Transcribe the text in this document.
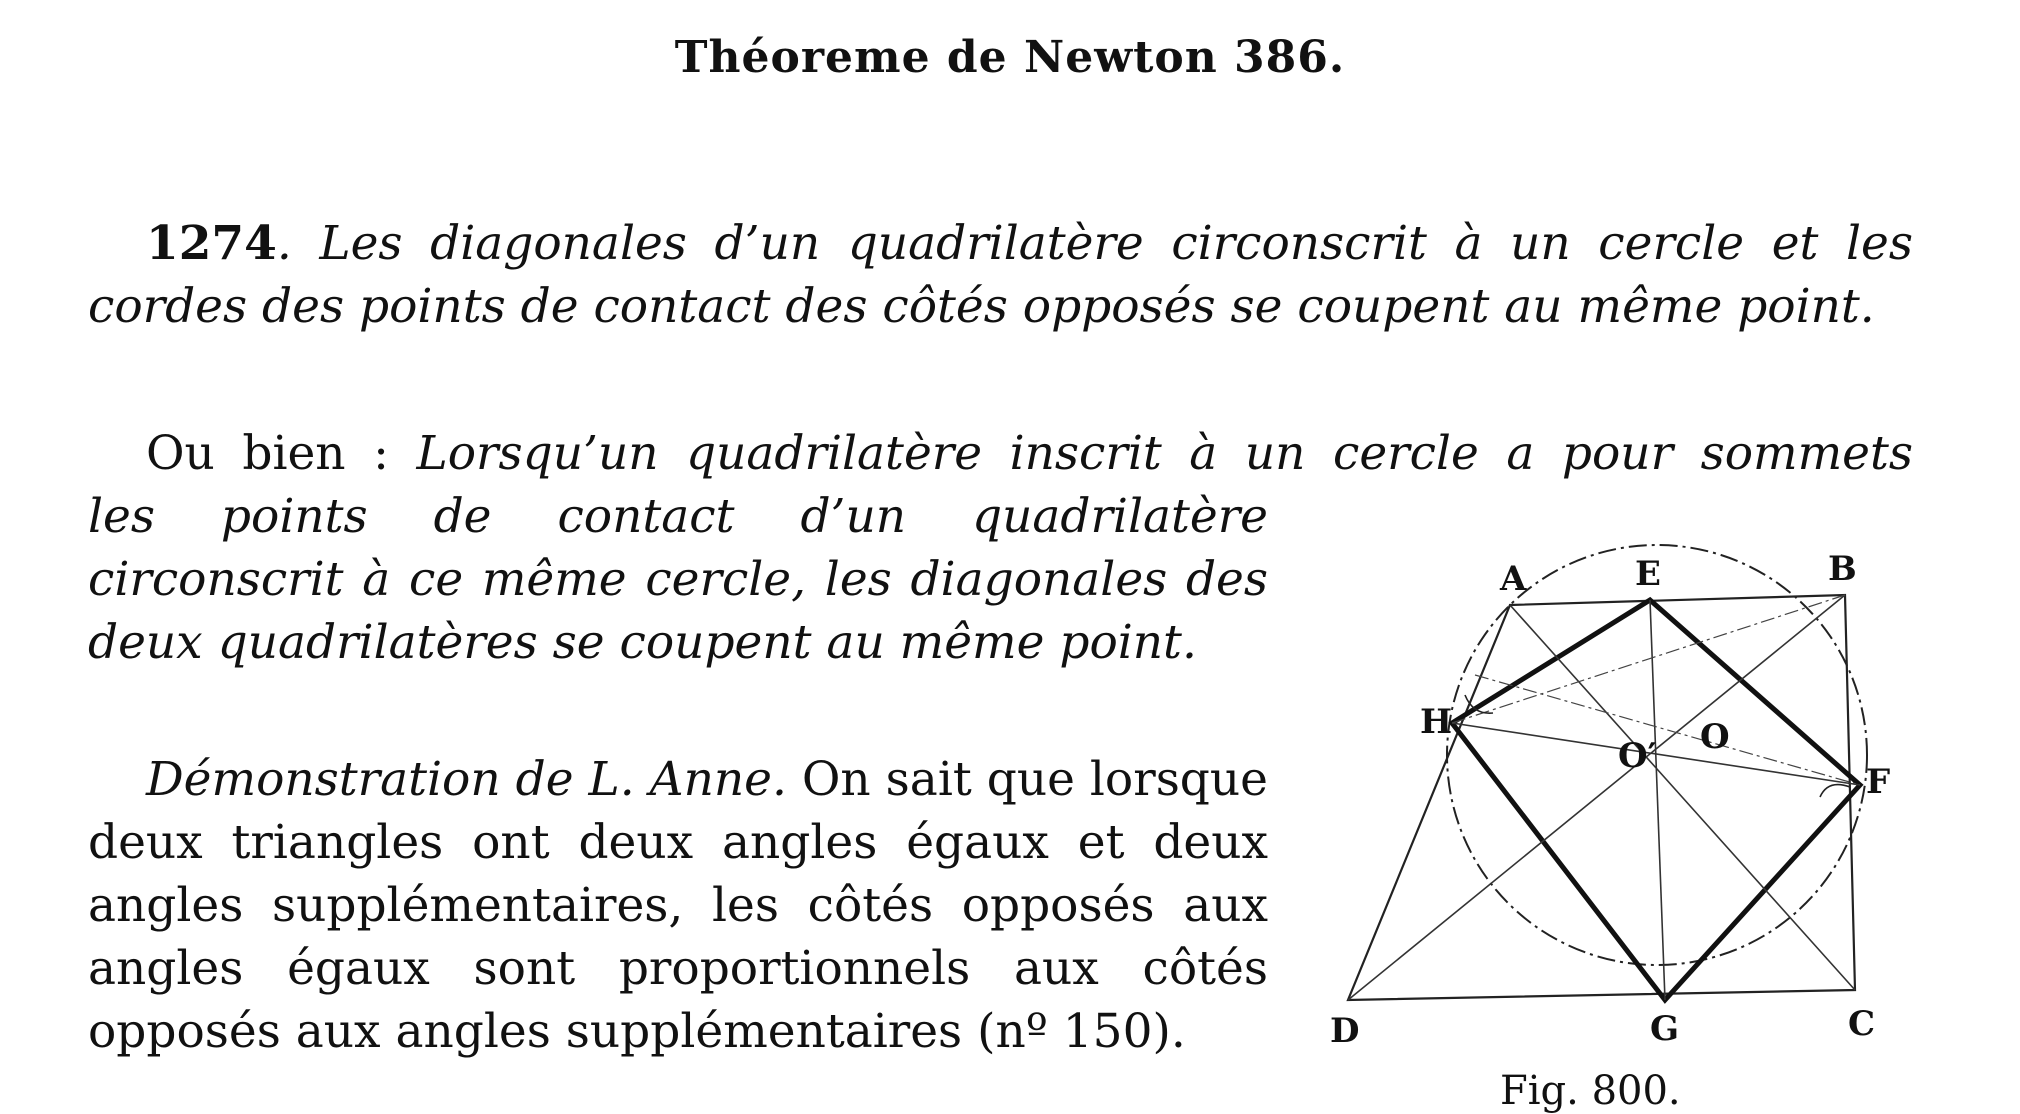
Théoreme de Newton 386.
1274. Les diagonales d’un quadrilatère circonscrit à un cercle et les cordes des points de contact des côtés opposés se coupent au même point.
Ou bien : Lorsqu’un quadrilatère inscrit à un cercle a pour sommets
les points de contact d’un quadrilatère circonscrit à ce même cercle, les diagonales des deux quadrilatères se coupent au même point.
Démonstration de L. Anne. On sait que lorsque deux triangles ont deux angles égaux et deux angles supplémentaires, les côtés opposés aux angles égaux sont proportionnels aux côtés opposés aux angles supplémentaires (nº 150).
A	E	B
H	O
O′
F
D	G	C
Fig. 800.
